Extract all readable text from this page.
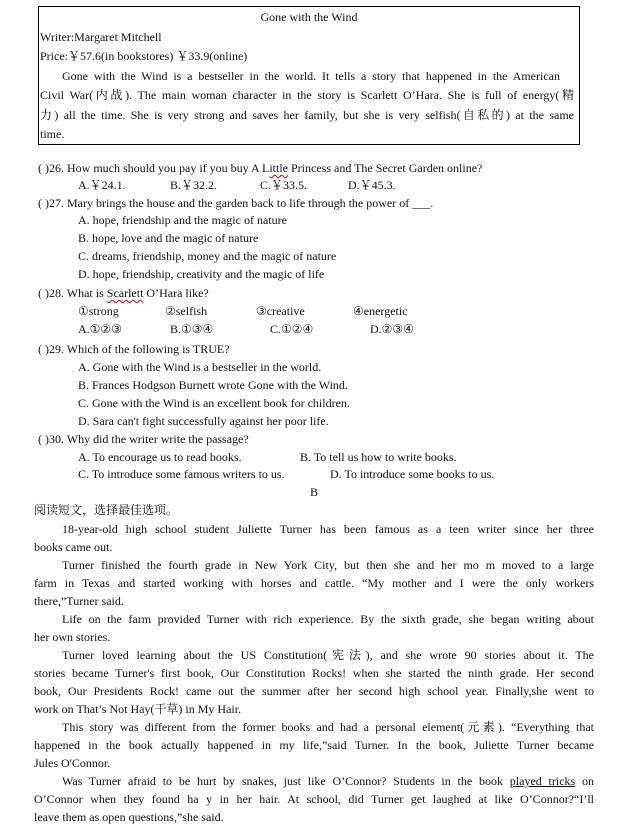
Gone with the Wind
Writer:Margaret Mitchell
Price:￥57.6(in bookstores) ￥33.9(online)
Gone with the Wind is a bestseller in the world. It tells a story that happened in the American
Civil War(内战). The main woman character in the story is Scarlett O’Hara. She is full of energy(精
力) all the time. She is very strong and saves her family, but she is very selfish(自私的) at the same
time.
( )26. How much should you pay if you buy A Little Princess and The Secret Garden online?
A.￥24.1.	B.￥32.2.	C.￥33.5.	D.￥45.3.
( )27. Mary brings the house and the garden back to life through the power of ___.
A. hope, friendship and the magic of nature
B. hope, love and the magic of nature
C. dreams, friendship, money and the magic of nature
D. hope, friendship, creativity and the magic of life
( )28. What is Scarlett O’Hara like?
①strong	②selfish	③creative	④energetic
A.①②③	B.①③④	C.①②④	D.②③④
( )29. Which of the following is TRUE?
A. Gone with the Wind is a bestseller in the world.
B. Frances Hodgson Burnett wrote Gone with the Wind.
C. Gone with the Wind is an excellent book for children.
D. Sara can't fight successfully against her poor life.
( )30. Why did the writer write the passage?
A. To encourage us to read books.	B. To tell us how to write books.
C. To introduce some famous writers to us.	D. To introduce some books to us.
B
阅读短文，选择最佳选项。
18-year-old high school student Juliette Turner has been famous as a teen writer since her three
books came out.
Turner finished the fourth grade in New York City, but then she and her mo m moved to a large
farm in Texas and started working with horses and cattle. “My mother and I were the only workers
there,”Turner said.
Life on the farm provided Turner with rich experience. By the sixth grade, she began writing about
her own stories.
Turner loved learning about the US Constitution(宪法), and she wrote 90 stories about it. The
stories became Turner's first book, Our Constitution Rocks! when she started the ninth grade. Her second
book, Our Presidents Rock! came out the summer after her second high school year. Finally,she went to
work on That’s Not Hay(干草) in My Hair.
This story was different from the former books and had a personal element(元素). “Everything that
happened in the book actually happened in my life,”said Turner. In the book, Juliette Turner became
Jules O'Connor.
Was Turner afraid to be hurt by snakes, just like O’Connor? Students in the book played tricks on
O’Connor when they found ha y in her hair. At school, did Turner get laughed at like O’Connor?“I’ll
leave them as open questions,”she said.
